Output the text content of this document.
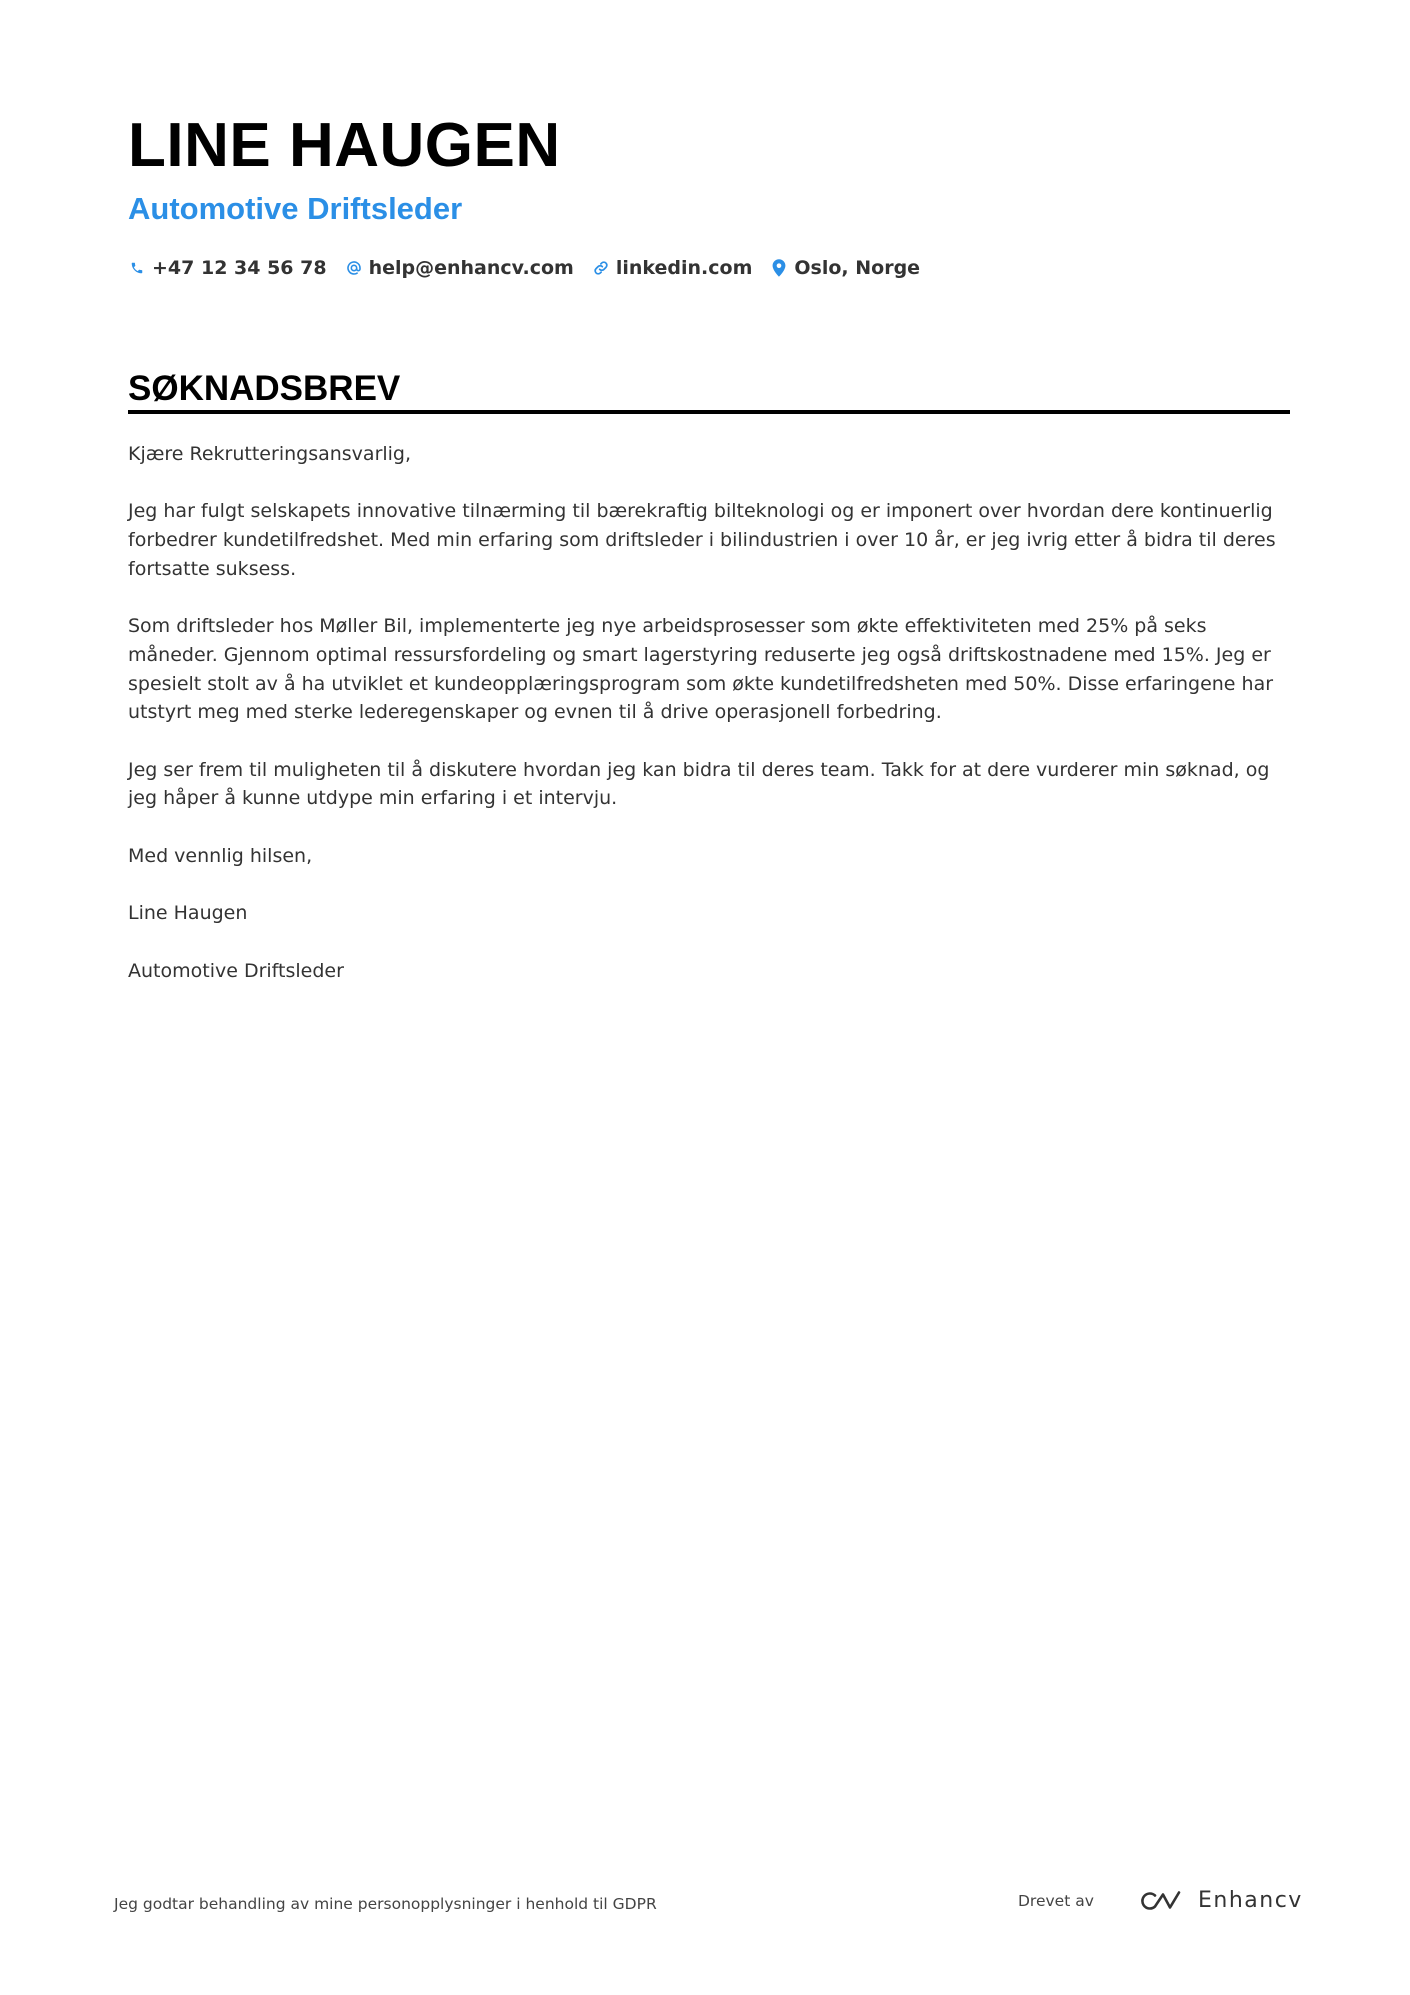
LINE HAUGEN
Automotive Driftsleder
+47 12 34 56 78 help@enhancv.com linkedin.com Oslo, Norge
SØKNADSBREV

Kjære Rekrutteringsansvarlig,

Jeg har fulgt selskapets innovative tilnærming til bærekraftig bilteknologi og er imponert over hvordan dere kontinuerlig forbedrer kundetilfredshet. Med min erfaring som driftsleder i bilindustrien i over 10 år, er jeg ivrig etter å bidra til deres fortsatte suksess.

Som driftsleder hos Møller Bil, implementerte jeg nye arbeidsprosesser som økte effektiviteten med 25% på seks måneder. Gjennom optimal ressursfordeling og smart lagerstyring reduserte jeg også driftskostnadene med 15%. Jeg er spesielt stolt av å ha utviklet et kundeopplæringsprogram som økte kundetilfredsheten med 50%. Disse erfaringene har utstyrt meg med sterke lederegenskaper og evnen til å drive operasjonell forbedring.

Jeg ser frem til muligheten til å diskutere hvordan jeg kan bidra til deres team. Takk for at dere vurderer min søknad, og jeg håper å kunne utdype min erfaring i et intervju.

Med vennlig hilsen,

Line Haugen

Automotive Driftsleder

Jeg godtar behandling av mine personopplysninger i henhold til GDPR	Drevet av	Enhancv
